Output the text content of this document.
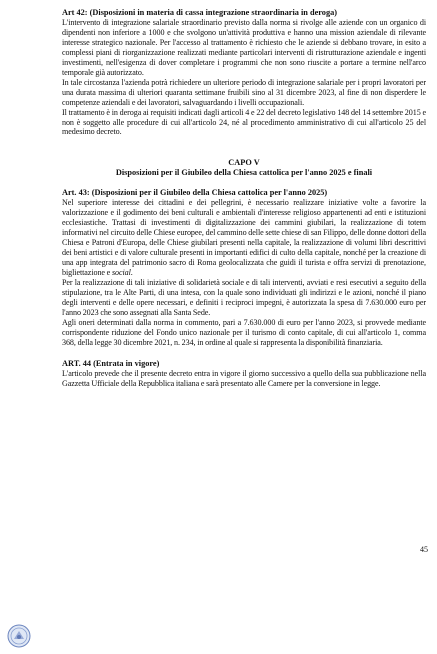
Art 42: (Disposizioni in materia di cassa integrazione straordinaria in deroga)

L'intervento di integrazione salariale straordinario previsto dalla norma si rivolge alle aziende con un organico di dipendenti non inferiore a 1000 e che svolgono un'attività produttiva e hanno una mission aziendale di rilevante interesse strategico nazionale. Per l'accesso al trattamento è richiesto che le aziende si debbano trovare, in esito a complessi piani di riorganizzazione realizzati mediante particolari interventi di ristrutturazione aziendale e ingenti investimenti, nell'esigenza di dover completare i programmi che non sono riuscite a portare a termine nell'arco temporale già autorizzato.

In tale circostanza l'azienda potrà richiedere un ulteriore periodo di integrazione salariale per i propri lavoratori per una durata massima di ulteriori quaranta settimane fruibili sino al 31 dicembre 2023, al fine di non disperdere le competenze aziendali e dei lavoratori, salvaguardando i livelli occupazionali.

Il trattamento è in deroga ai requisiti indicati dagli articoli 4 e 22 del decreto legislativo 148 del 14 settembre 2015 e non è soggetto alle procedure di cui all'articolo 24, né al procedimento amministrativo di cui all'articolo 25 del medesimo decreto.

CAPO V
Disposizioni per il Giubileo della Chiesa cattolica per l'anno 2025 e finali

Art. 43: (Disposizioni per il Giubileo della Chiesa cattolica per l'anno 2025)

Nel superiore interesse dei cittadini e dei pellegrini, è necessario realizzare iniziative volte a favorire la valorizzazione e il godimento dei beni culturali e ambientali d'interesse religioso appartenenti ad enti e istituzioni ecclesiastiche. Trattasi di investimenti di digitalizzazione dei cammini giubilari, la realizzazione di totem informativi nel circuito delle Chiese europee, del cammino delle sette chiese di san Filippo, delle donne dottori della Chiesa e Patroni d'Europa, delle Chiese giubilari presenti nella capitale, la realizzazione di volumi libri descrittivi dei beni artistici e di valore culturale presenti in importanti edifici di culto della capitale, nonché per la creazione di una app integrata del patrimonio sacro di Roma geolocalizzata che guidi il turista e offra servizi di prenotazione, bigliettazione e social.

Per la realizzazione di tali iniziative di solidarietà sociale e di tali interventi, avviati e resi esecutivi a seguito della stipulazione, tra le Alte Parti, di una intesa, con la quale sono individuati gli indirizzi e le azioni, nonché il piano degli interventi e delle opere necessari, e definiti i reciproci impegni, è autorizzata la spesa di 7.630.000 euro per l'anno 2023 che sono assegnati alla Santa Sede.

Agli oneri determinati dalla norma in commento, pari a 7.630.000 di euro per l'anno 2023, si provvede mediante corrispondente riduzione del Fondo unico nazionale per il turismo di conto capitale, di cui all'articolo 1, comma 368, della legge 30 dicembre 2021, n. 234, in ordine al quale si rappresenta la disponibilità finanziaria.

ART. 44 (Entrata in vigore)

L'articolo prevede che il presente decreto entra in vigore il giorno successivo a quello della sua pubblicazione nella Gazzetta Ufficiale della Repubblica italiana e sarà presentato alle Camere per la conversione in legge.

45
